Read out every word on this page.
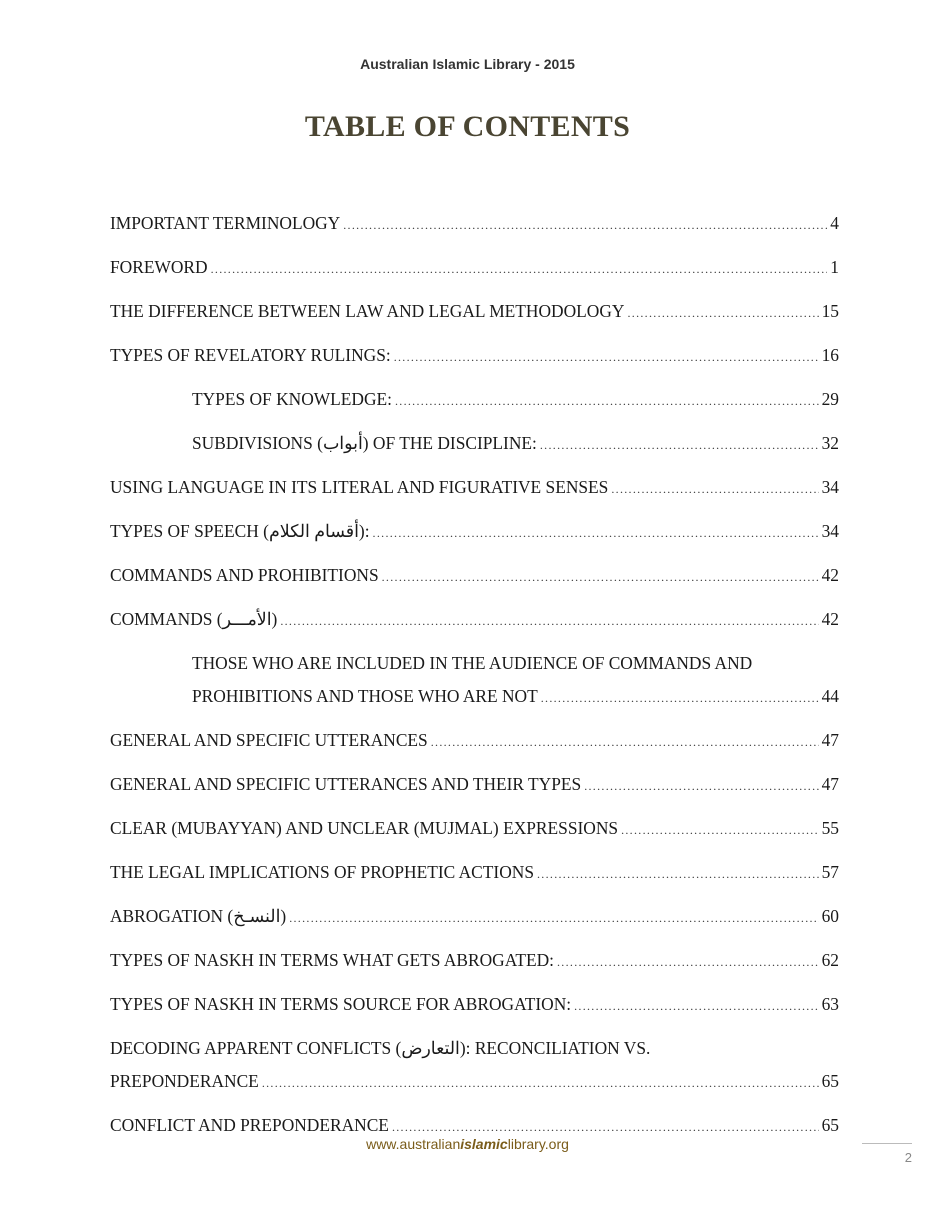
Australian Islamic Library - 2015
TABLE OF CONTENTS
IMPORTANT TERMINOLOGY .....	4
FOREWORD .....	1
THE DIFFERENCE BETWEEN LAW AND LEGAL METHODOLOGY .....	15
TYPES OF REVELATORY RULINGS: .....	16
TYPES OF KNOWLEDGE: .....	29
SUBDIVISIONS (أبواب) OF THE DISCIPLINE: .....	32
USING LANGUAGE IN ITS LITERAL AND FIGURATIVE SENSES .....	34
TYPES OF SPEECH (أقسام الكلام): .....	34
COMMANDS AND PROHIBITIONS .....	42
COMMANDS (الأمـــر) .....	42
THOSE WHO ARE INCLUDED IN THE AUDIENCE OF COMMANDS AND
PROHIBITIONS AND THOSE WHO ARE NOT .....	44
GENERAL AND SPECIFIC UTTERANCES .....	47
GENERAL AND SPECIFIC UTTERANCES AND THEIR TYPES .....	47
CLEAR (MUBAYYAN) AND UNCLEAR (MUJMAL) EXPRESSIONS .....	55
THE LEGAL IMPLICATIONS OF PROPHETIC ACTIONS .....	57
ABROGATION (النسـخ) .....	60
TYPES OF NASKH IN TERMS WHAT GETS ABROGATED: .....	62
TYPES OF NASKH IN TERMS SOURCE FOR ABROGATION: .....	63
DECODING APPARENT CONFLICTS (التعارض): RECONCILIATION VS.
PREPONDERANCE .....	65
CONFLICT AND PREPONDERANCE .....	65
www.australianislamiclibrary.org
2
